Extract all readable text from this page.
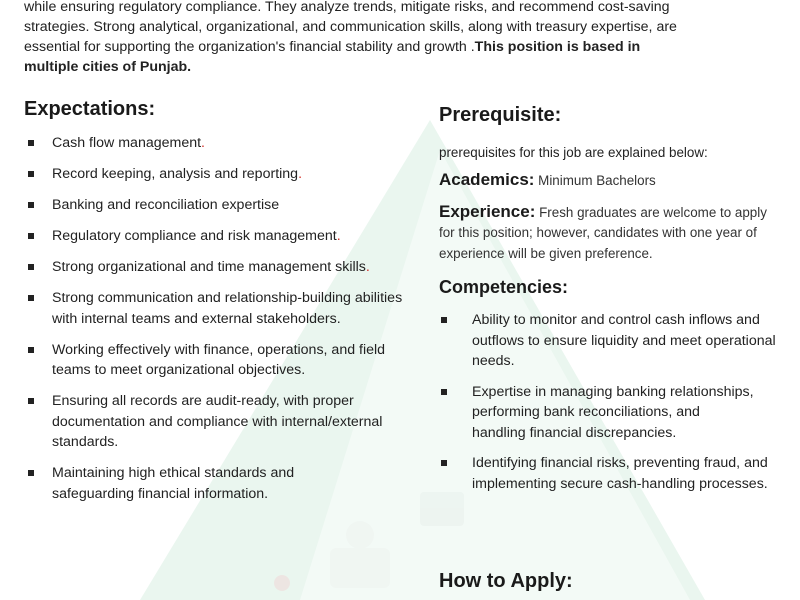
while ensuring regulatory compliance. They analyze trends, mitigate risks, and recommend cost-saving
strategies. Strong analytical, organizational, and communication skills, along with treasury expertise, are
essential for supporting the organization's financial stability and growth .This position is based in
multiple cities of Punjab.
Expectations:
Cash flow management.
Record keeping, analysis and reporting.
Banking and reconciliation expertise
Regulatory compliance and risk management.
Strong organizational and time management skills.
Strong communication and relationship-building abilities with internal teams and external stakeholders.
Working effectively with finance, operations, and field teams to meet organizational objectives.
Ensuring all records are audit-ready, with proper documentation and compliance with internal/external standards.
Maintaining high ethical standards and safeguarding financial information.
Prerequisite:
prerequisites for this job are explained below:
Academics: Minimum Bachelors
Experience: Fresh graduates are welcome to apply for this position; however, candidates with one year of experience will be given preference.
Competencies:
Ability to monitor and control cash inflows and outflows to ensure liquidity and meet operational needs.
Expertise in managing banking relationships, performing bank reconciliations, and handling financial discrepancies.
Identifying financial risks, preventing fraud, and implementing secure cash-handling processes.
How to Apply:
